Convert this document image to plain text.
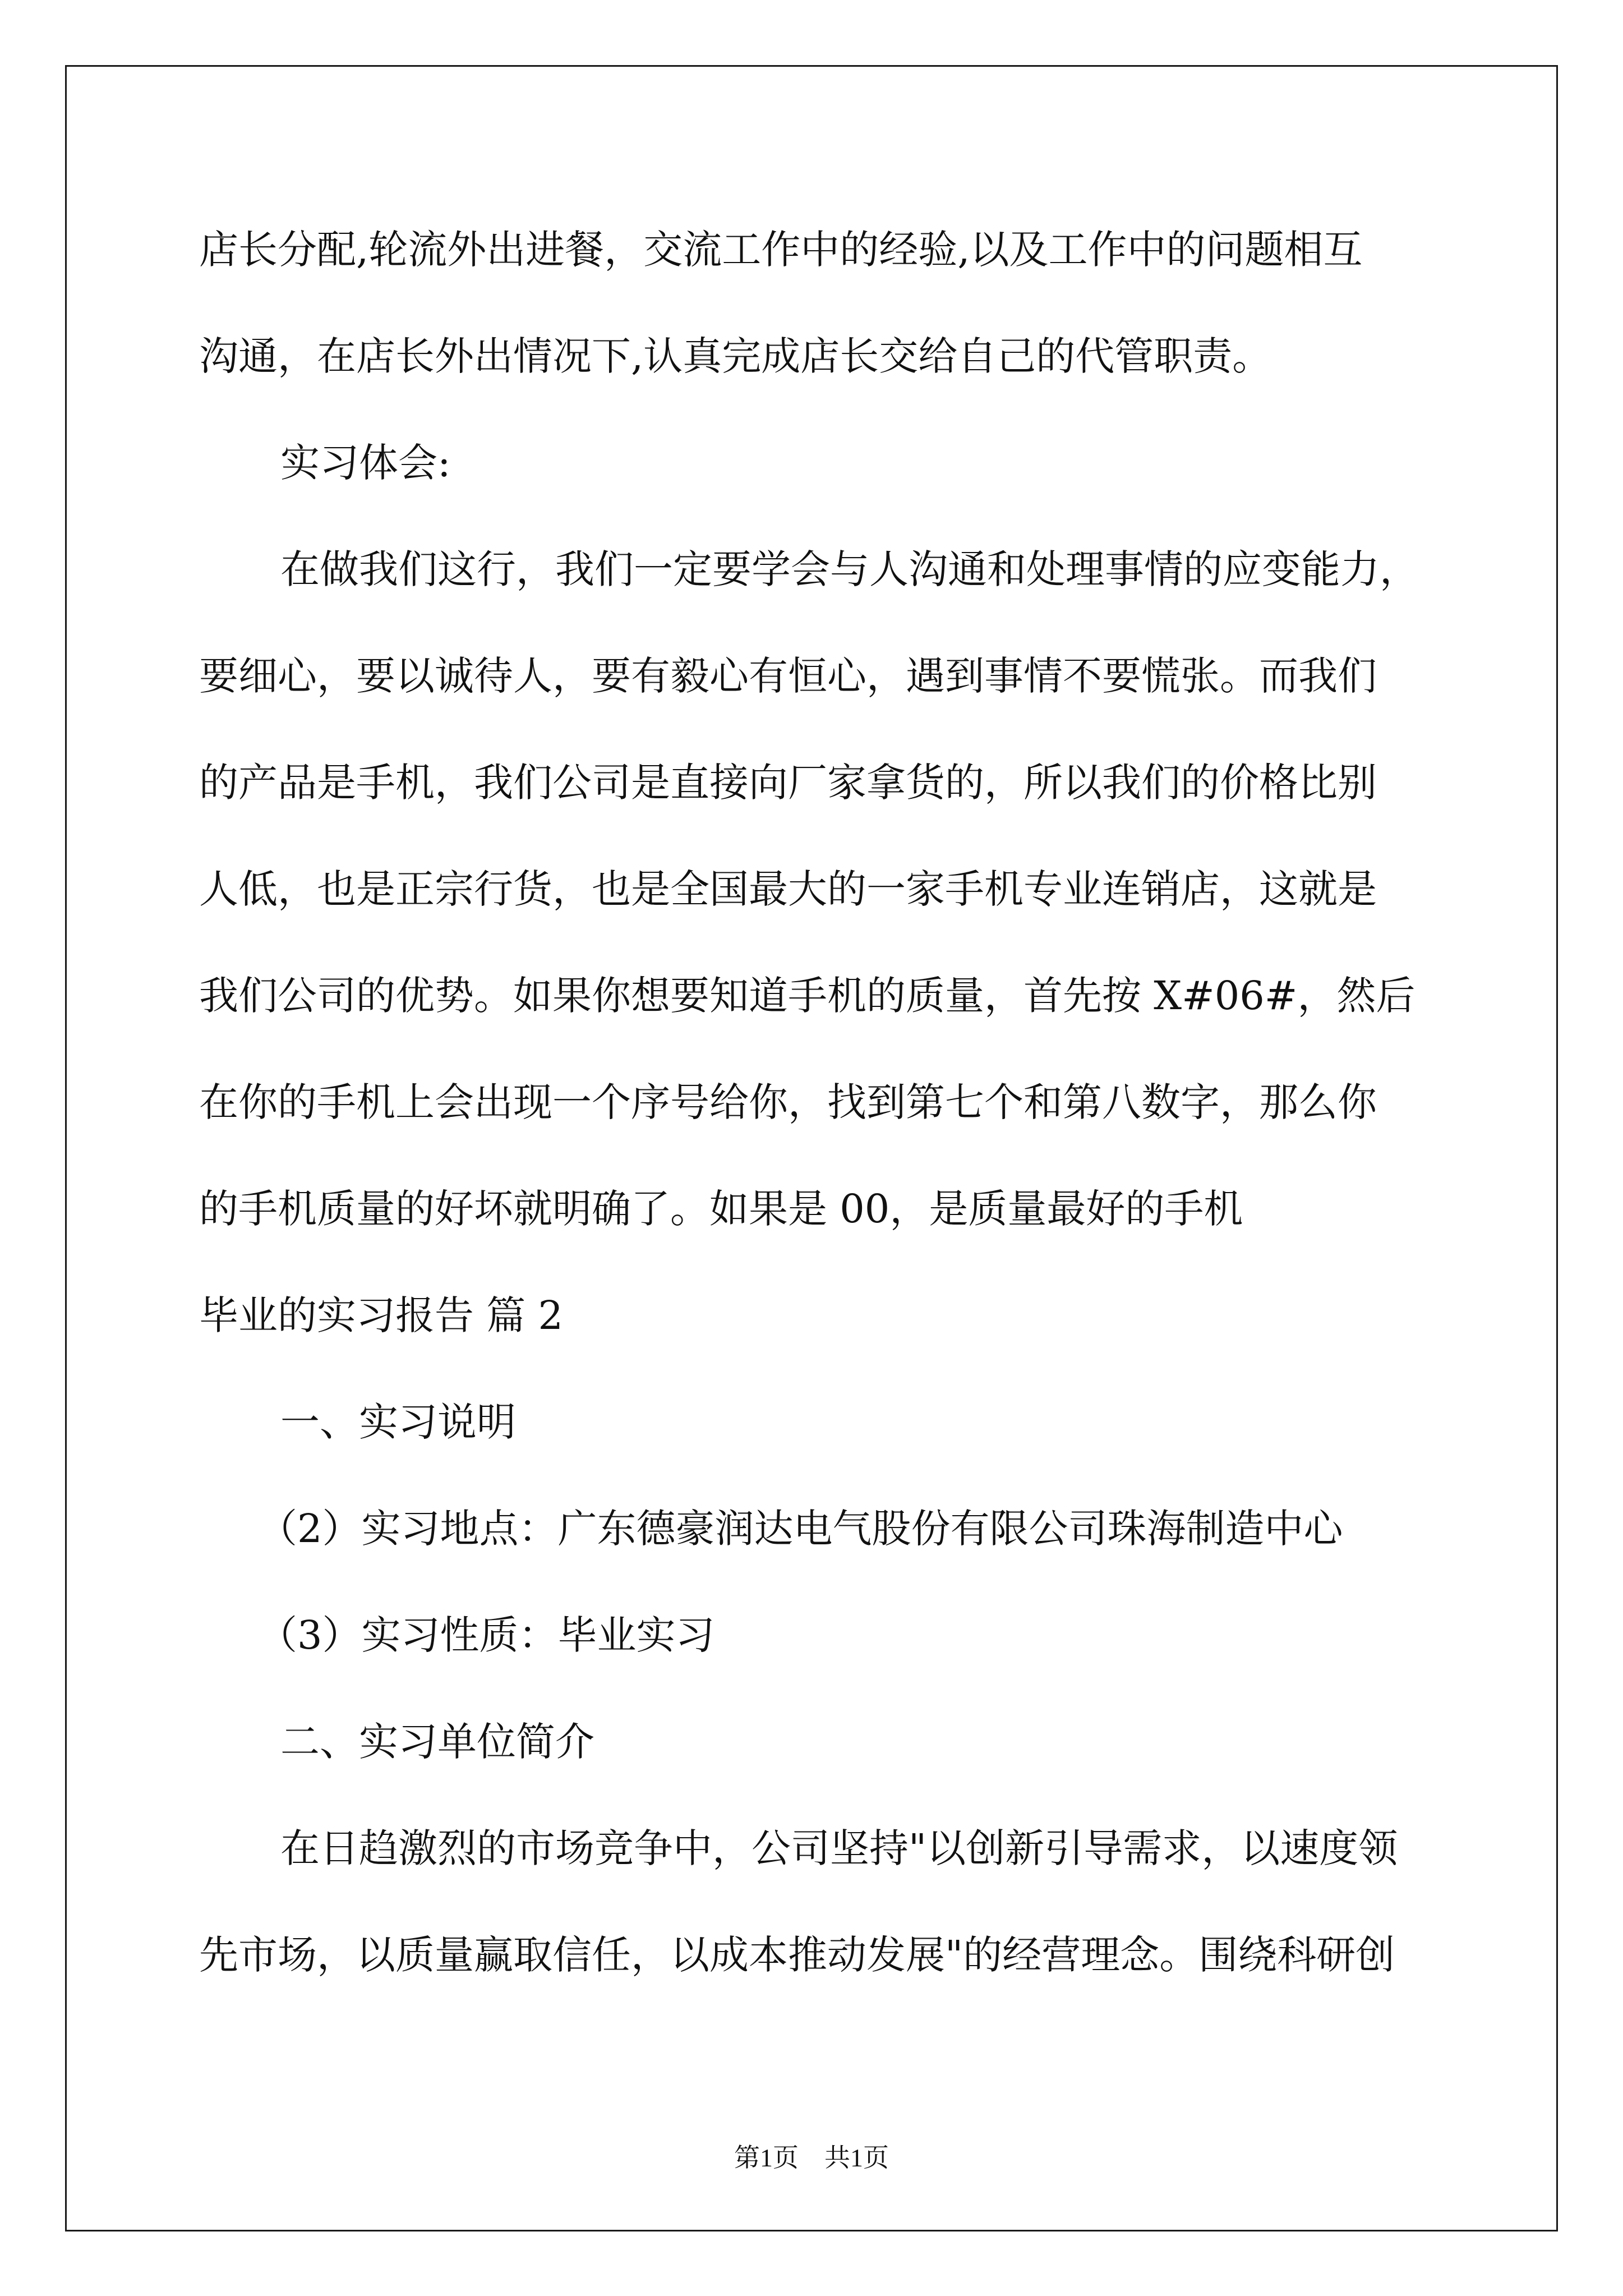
店长分配,轮流外出进餐，交流工作中的经验,以及工作中的问题相互
沟通，在店长外出情况下,认真完成店长交给自己的代管职责。
实习体会:
在做我们这行，我们一定要学会与人沟通和处理事情的应变能力，
要细心，要以诚待人，要有毅心有恒心，遇到事情不要慌张。而我们
的产品是手机，我们公司是直接向厂家拿货的，所以我们的价格比别
人低，也是正宗行货，也是全国最大的一家手机专业连销店，这就是
我们公司的优势。如果你想要知道手机的质量，首先按 X#06#，然后
在你的手机上会出现一个序号给你，找到第七个和第八数字，那么你
的手机质量的好坏就明确了。如果是 00，是质量最好的手机
毕业的实习报告 篇 2
一、实习说明
（2）实习地点：广东德豪润达电气股份有限公司珠海制造中心
（3）实习性质：毕业实习
二、实习单位简介
在日趋激烈的市场竞争中，公司坚持"以创新引导需求，以速度领
先市场，以质量赢取信任，以成本推动发展"的经营理念。围绕科研创
第1页　共1页
